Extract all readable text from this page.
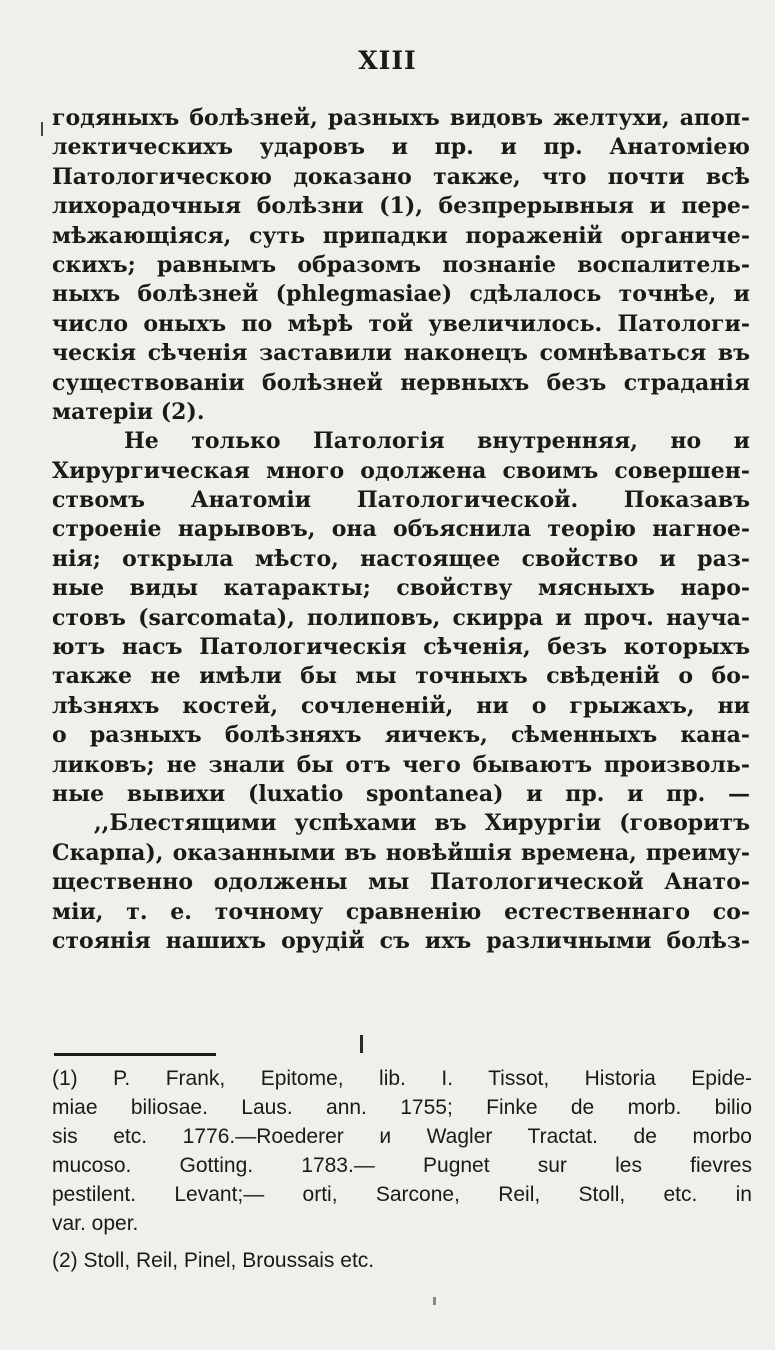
XIII
годяныхъ болѣзней, разныхъ видовъ желтухи, апоп-
лектическихъ ударовъ и пр. и пр. Анатоміею
Патологическою доказано также, что почти всѣ
лихорадочныя болѣзни (1), безпрерывныя и пере-
мѣжающіяся, суть припадки поражeній органиче-
скихъ; равнымъ образомъ познаніе воспалитель-
ныхъ болѣзней (phlegmasiae) сдѣлалось точнѣе, и
число оныхъ по мѣрѣ той увеличилось. Патологи-
ческія сѣченія заставили наконецъ сомнѣваться въ
существованіи болѣзней нервныхъ безъ страданія
матеріи (2).
Не только Патологія внутренняя, но и
Хирургическая много одолжена своимъ совершен-
ствомъ Анатоміи Патологической. Показавъ
строеніе нарывовъ, она объяснила теорію нагное-
нія; открыла мѣсто, настоящее свойство и раз-
ные виды катаракты; свойству мясныхъ наро-
стовъ (sarcomata), полиповъ, скирра и проч. научa-
ютъ насъ Патологическія сѣченія, безъ которыхъ
также не имѣли бы мы точныхъ свѣденій о бо-
лѣзняхъ костей, сочлененій, ни о грыжахъ, ни
о разныхъ болѣзняхъ яичекъ, сѣменныхъ кана-
ликовъ; не знали бы отъ чего бываютъ произволь-
ные вывихи (luxatio spontanea) и пр. и пр. —
,,Блестящими успѣхами въ Хирургіи (говоритъ
Скарпа), оказанными въ новѣйшія времена, преиму-
щественно одолжены мы Патологической Анато-
міи, т. е. точному сравненію естественнаго со-
стоянія нашихъ орудій съ ихъ различными болѣз-
(1) P. Frank, Epitome, lib. I. Tissot, Historia Epide-
miae biliosae. Laus. ann. 1755; Finke de morb. bilio
sis etc. 1776.—Roederer и Wagler Tractat. de morbo
mucoso. Gotting. 1783.— Pugnet sur les fievres
pestilent. Levant;— orti, Sarcone, Reil, Stoll, etc. in
var. oper.
(2) Stoll, Reil, Pinel, Broussais etc.
